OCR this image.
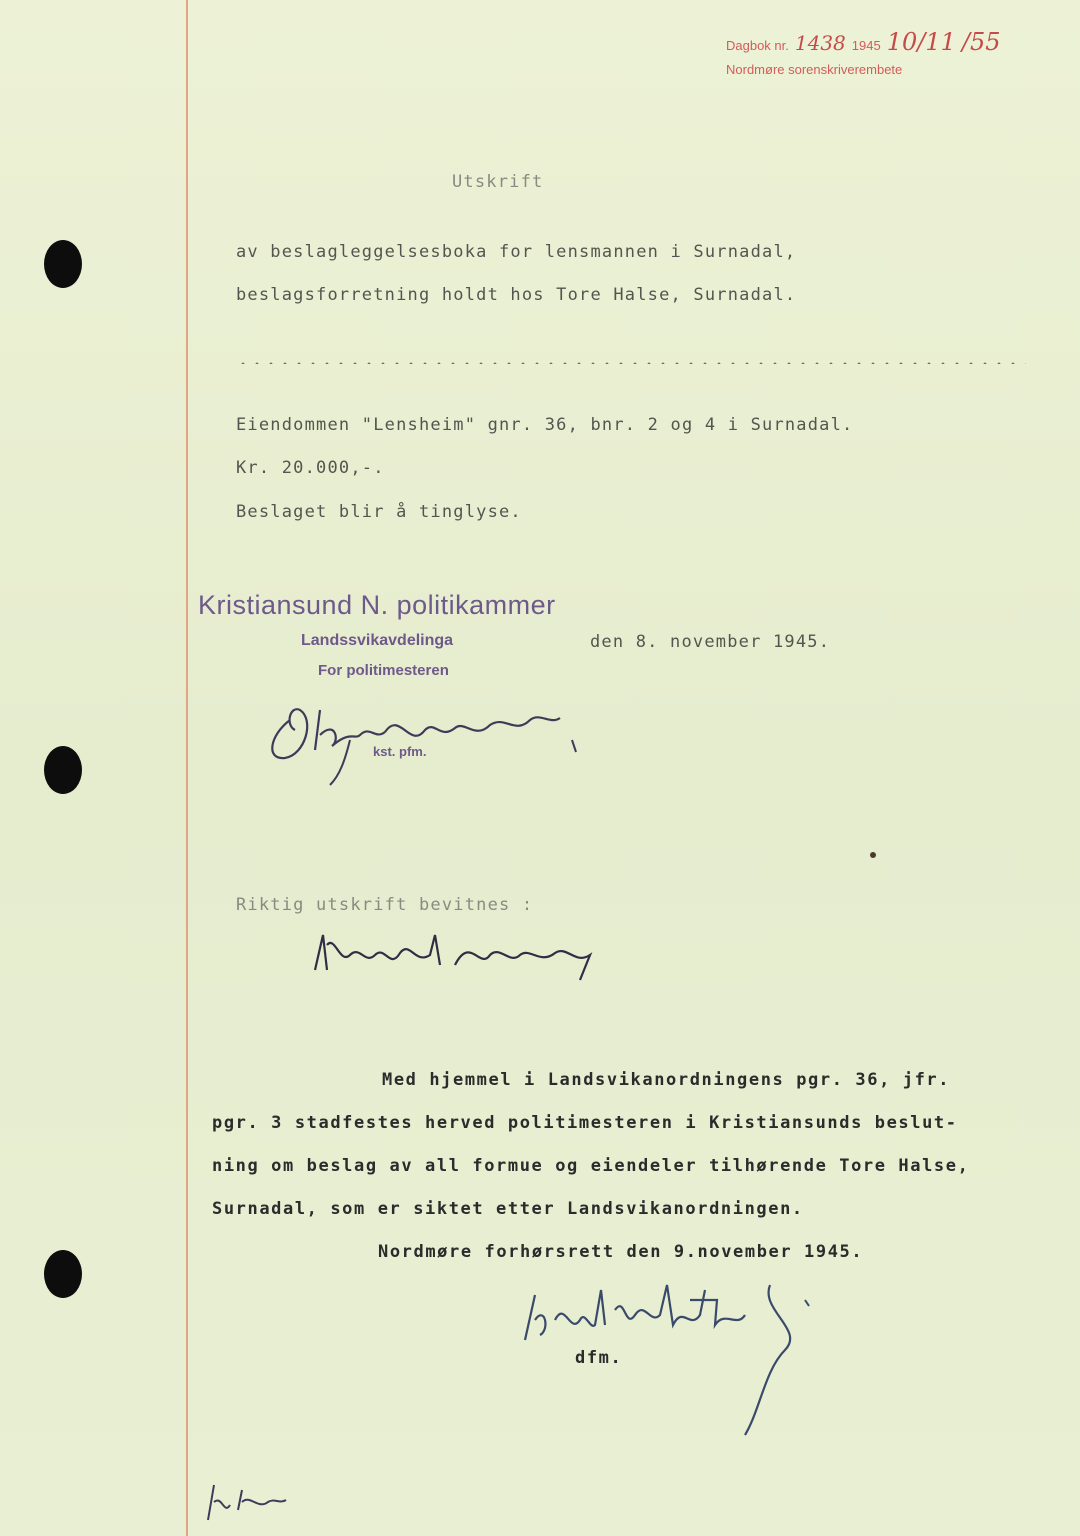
Dagbok nr. 1438 1945 10/11 /55
Nordmøre sorenskriverembete
Utskrift
av beslagleggelsesboka for lensmannen i Surnadal,
beslagsforretning holdt hos Tore Halse, Surnadal.
Eiendommen "Lensheim" gnr. 36, bnr. 2 og 4 i Surnadal.
Kr. 20.000,-.
Beslaget blir å tinglyse.
Kristiansund N. politikammer
Landssvikavdelinga
For politimesteren
kst. pfm.
den 8. november 1945.
Riktig utskrift bevitnes :
Med hjemmel i Landsvikanordningens pgr. 36, jfr.
pgr. 3 stadfestes herved politimesteren i Kristiansunds beslut-
ning om beslag av all formue og eiendeler tilhørende Tore Halse,
Surnadal, som er siktet etter Landsvikanordningen.
Nordmøre forhørsrett den 9.november 1945.
dfm.
